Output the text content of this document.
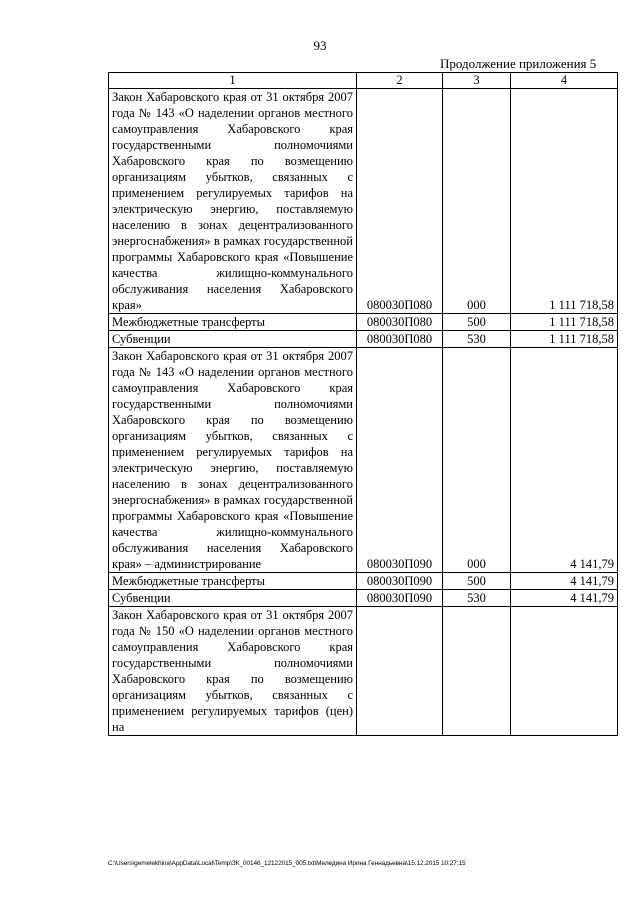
93
Продолжение приложения 5
1	2	3	4
Закон Хабаровского края от 31 октября 2007 года № 143 «О наделении органов местного самоуправления Хабаровского края государственными полномочиями Хабаровского края по возмещению организациям убытков, связанных с применением регулируемых тарифов на электрическую энергию, поставляемую населению в зонах децентрализованного энергоснабжения» в рамках государственной программы Хабаровского края «Повышение качества жилищно-коммунального обслуживания населения Хабаровского края»	080030П080	000	1 111 718,58
Межбюджетные трансферты	080030П080	500	1 111 718,58
Субвенции	080030П080	530	1 111 718,58
Закон Хабаровского края от 31 октября 2007 года № 143 «О наделении органов местного самоуправления Хабаровского края государственными полномочиями Хабаровского края по возмещению организациям убытков, связанных с применением регулируемых тарифов на электрическую энергию, поставляемую населению в зонах децентрализованного энергоснабжения» в рамках государственной программы Хабаровского края «Повышение качества жилищно-коммунального обслуживания населения Хабаровского края» – администрирование	080030П090	000	4 141,79
Межбюджетные трансферты	080030П090	500	4 141,79
Субвенции	080030П090	530	4 141,79
Закон Хабаровского края от 31 октября 2007 года № 150 «О наделении органов местного самоуправления Хабаровского края государственными полномочиями Хабаровского края по возмещению организациям убытков, связанных с применением регулируемых тарифов (цен) на			
C:\Users\gemelekhina\AppData\Local\Temp\ЗК_00146_12122015_005.txt\Меледина Ирина Геннадьевна\15.12.2015 10:27:15
